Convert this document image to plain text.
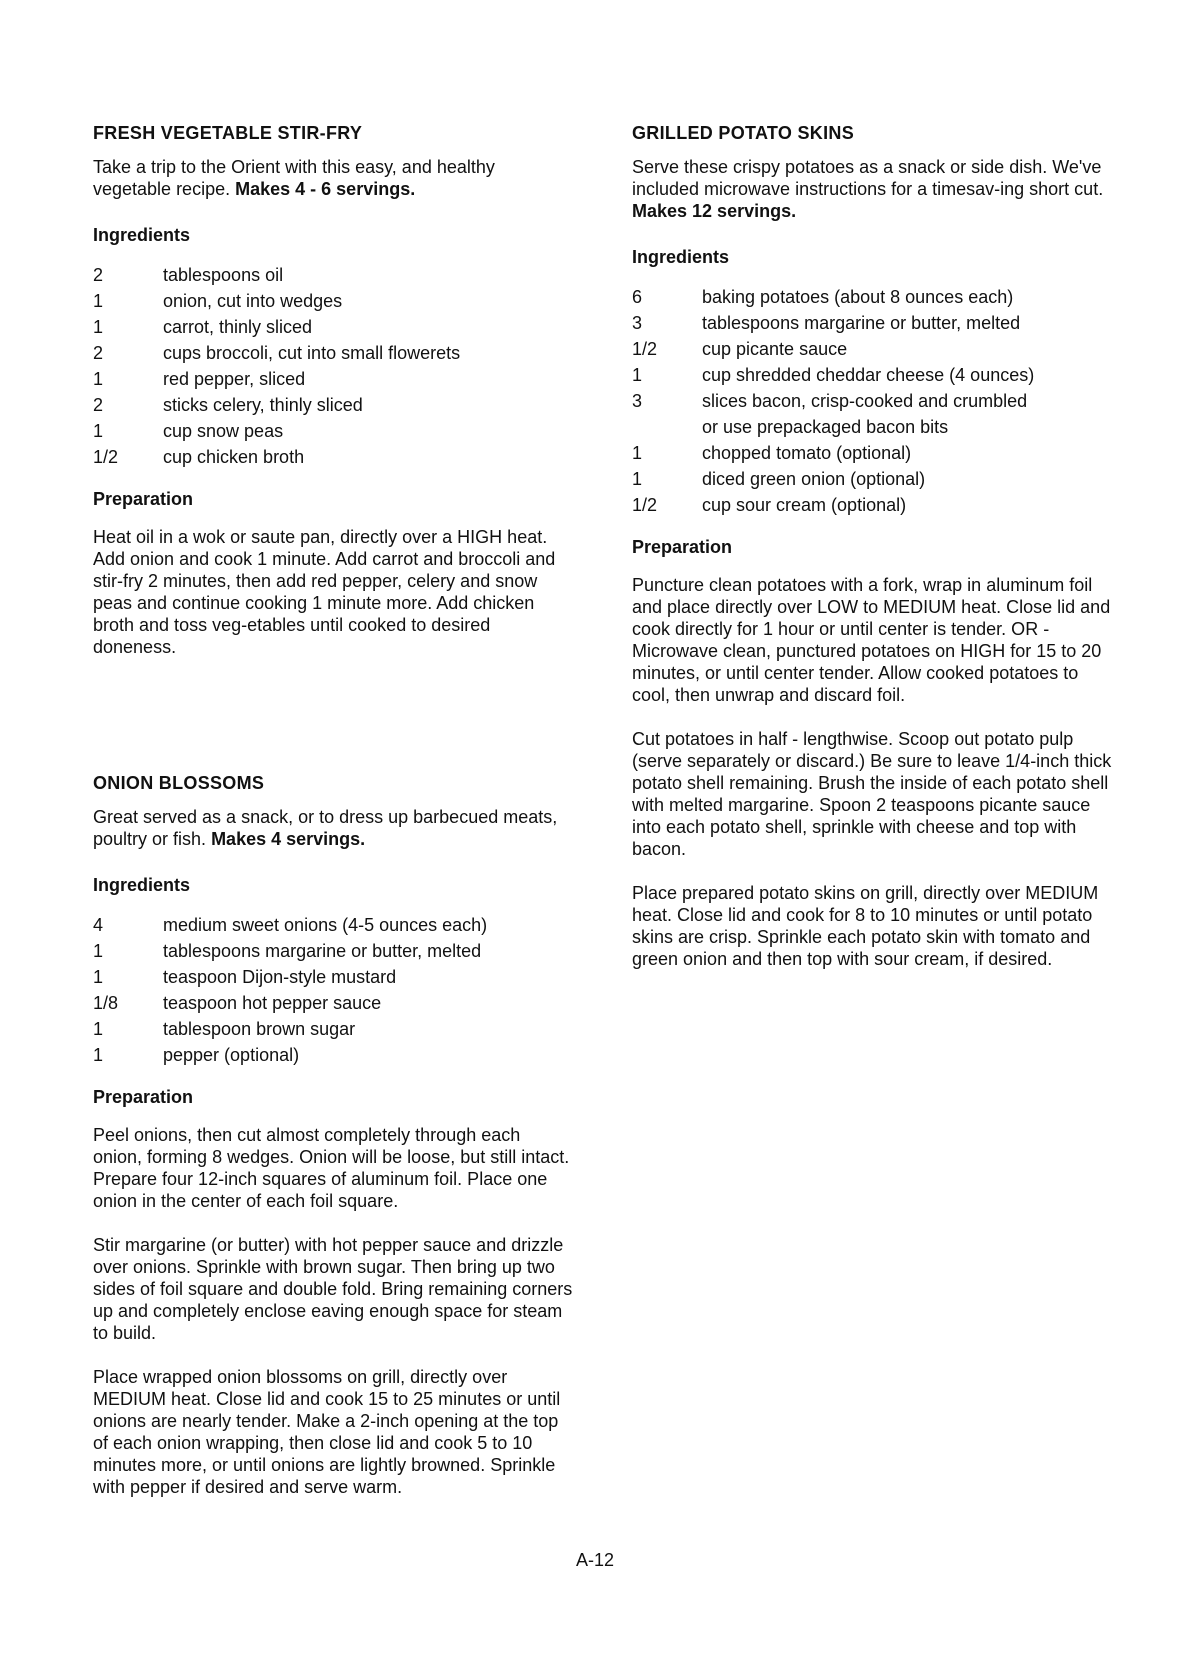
FRESH VEGETABLE STIR-FRY

Take a trip to the Orient with this easy, and healthy vegetable recipe. Makes 4 - 6 servings.

Ingredients
2	tablespoons oil
1	onion, cut into wedges
1	carrot, thinly sliced
2	cups broccoli, cut into small flowerets
1	red pepper, sliced
2	sticks celery, thinly sliced
1	cup snow peas
1/2	cup chicken broth
Preparation

Heat oil in a wok or saute pan, directly over a HIGH heat. Add onion and cook 1 minute. Add carrot and broccoli and stir-fry 2 minutes, then add red pepper, celery and snow peas and continue cooking 1 minute more. Add chicken broth and toss veg-etables until cooked to desired doneness.

ONION BLOSSOMS

Great served as a snack, or to dress up barbecued meats, poultry or fish. Makes 4 servings.

Ingredients
4	medium sweet onions (4-5 ounces each)
1	tablespoons margarine or butter, melted
1	teaspoon Dijon-style mustard
1/8	teaspoon hot pepper sauce
1	tablespoon brown sugar
1	pepper (optional)
Preparation

Peel onions, then cut almost completely through each onion, forming 8 wedges. Onion will be loose, but still intact. Prepare four 12-inch squares of aluminum foil. Place one onion in the center of each foil square.

Stir margarine (or butter) with hot pepper sauce and drizzle over onions. Sprinkle with brown sugar. Then bring up two sides of foil square and double fold. Bring remaining corners up and completely enclose eaving enough space for steam to build.

Place wrapped onion blossoms on grill, directly over MEDIUM heat. Close lid and cook 15 to 25 minutes or until onions are nearly tender. Make a 2-inch opening at the top of each onion wrapping, then close lid and cook 5 to 10 minutes more, or until onions are lightly browned. Sprinkle with pepper if desired and serve warm.

GRILLED POTATO SKINS

Serve these crispy potatoes as a snack or side dish. We've included microwave instructions for a timesav-ing short cut. Makes 12 servings.

Ingredients
6	baking potatoes (about 8 ounces each)
3	tablespoons margarine or butter, melted
1/2	cup picante sauce
1	cup shredded cheddar cheese (4 ounces)
3	slices bacon, crisp-cooked and crumbled
or use prepackaged bacon bits
1	chopped tomato (optional)
1	diced green onion (optional)
1/2	cup sour cream (optional)
Preparation

Puncture clean potatoes with a fork, wrap in aluminum foil and place directly over LOW to MEDIUM heat. Close lid and cook directly for 1 hour or until center is tender. OR - Microwave clean, punctured potatoes on HIGH for 15 to 20 minutes, or until center tender. Allow cooked potatoes to cool, then unwrap and discard foil.

Cut potatoes in half - lengthwise. Scoop out potato pulp (serve separately or discard.) Be sure to leave 1/4-inch thick potato shell remaining. Brush the inside of each potato shell with melted margarine. Spoon 2 teaspoons picante sauce into each potato shell, sprinkle with cheese and top with bacon.

Place prepared potato skins on grill, directly over MEDIUM heat. Close lid and cook for 8 to 10 minutes or until potato skins are crisp. Sprinkle each potato skin with tomato and green onion and then top with sour cream, if desired.

A-12
